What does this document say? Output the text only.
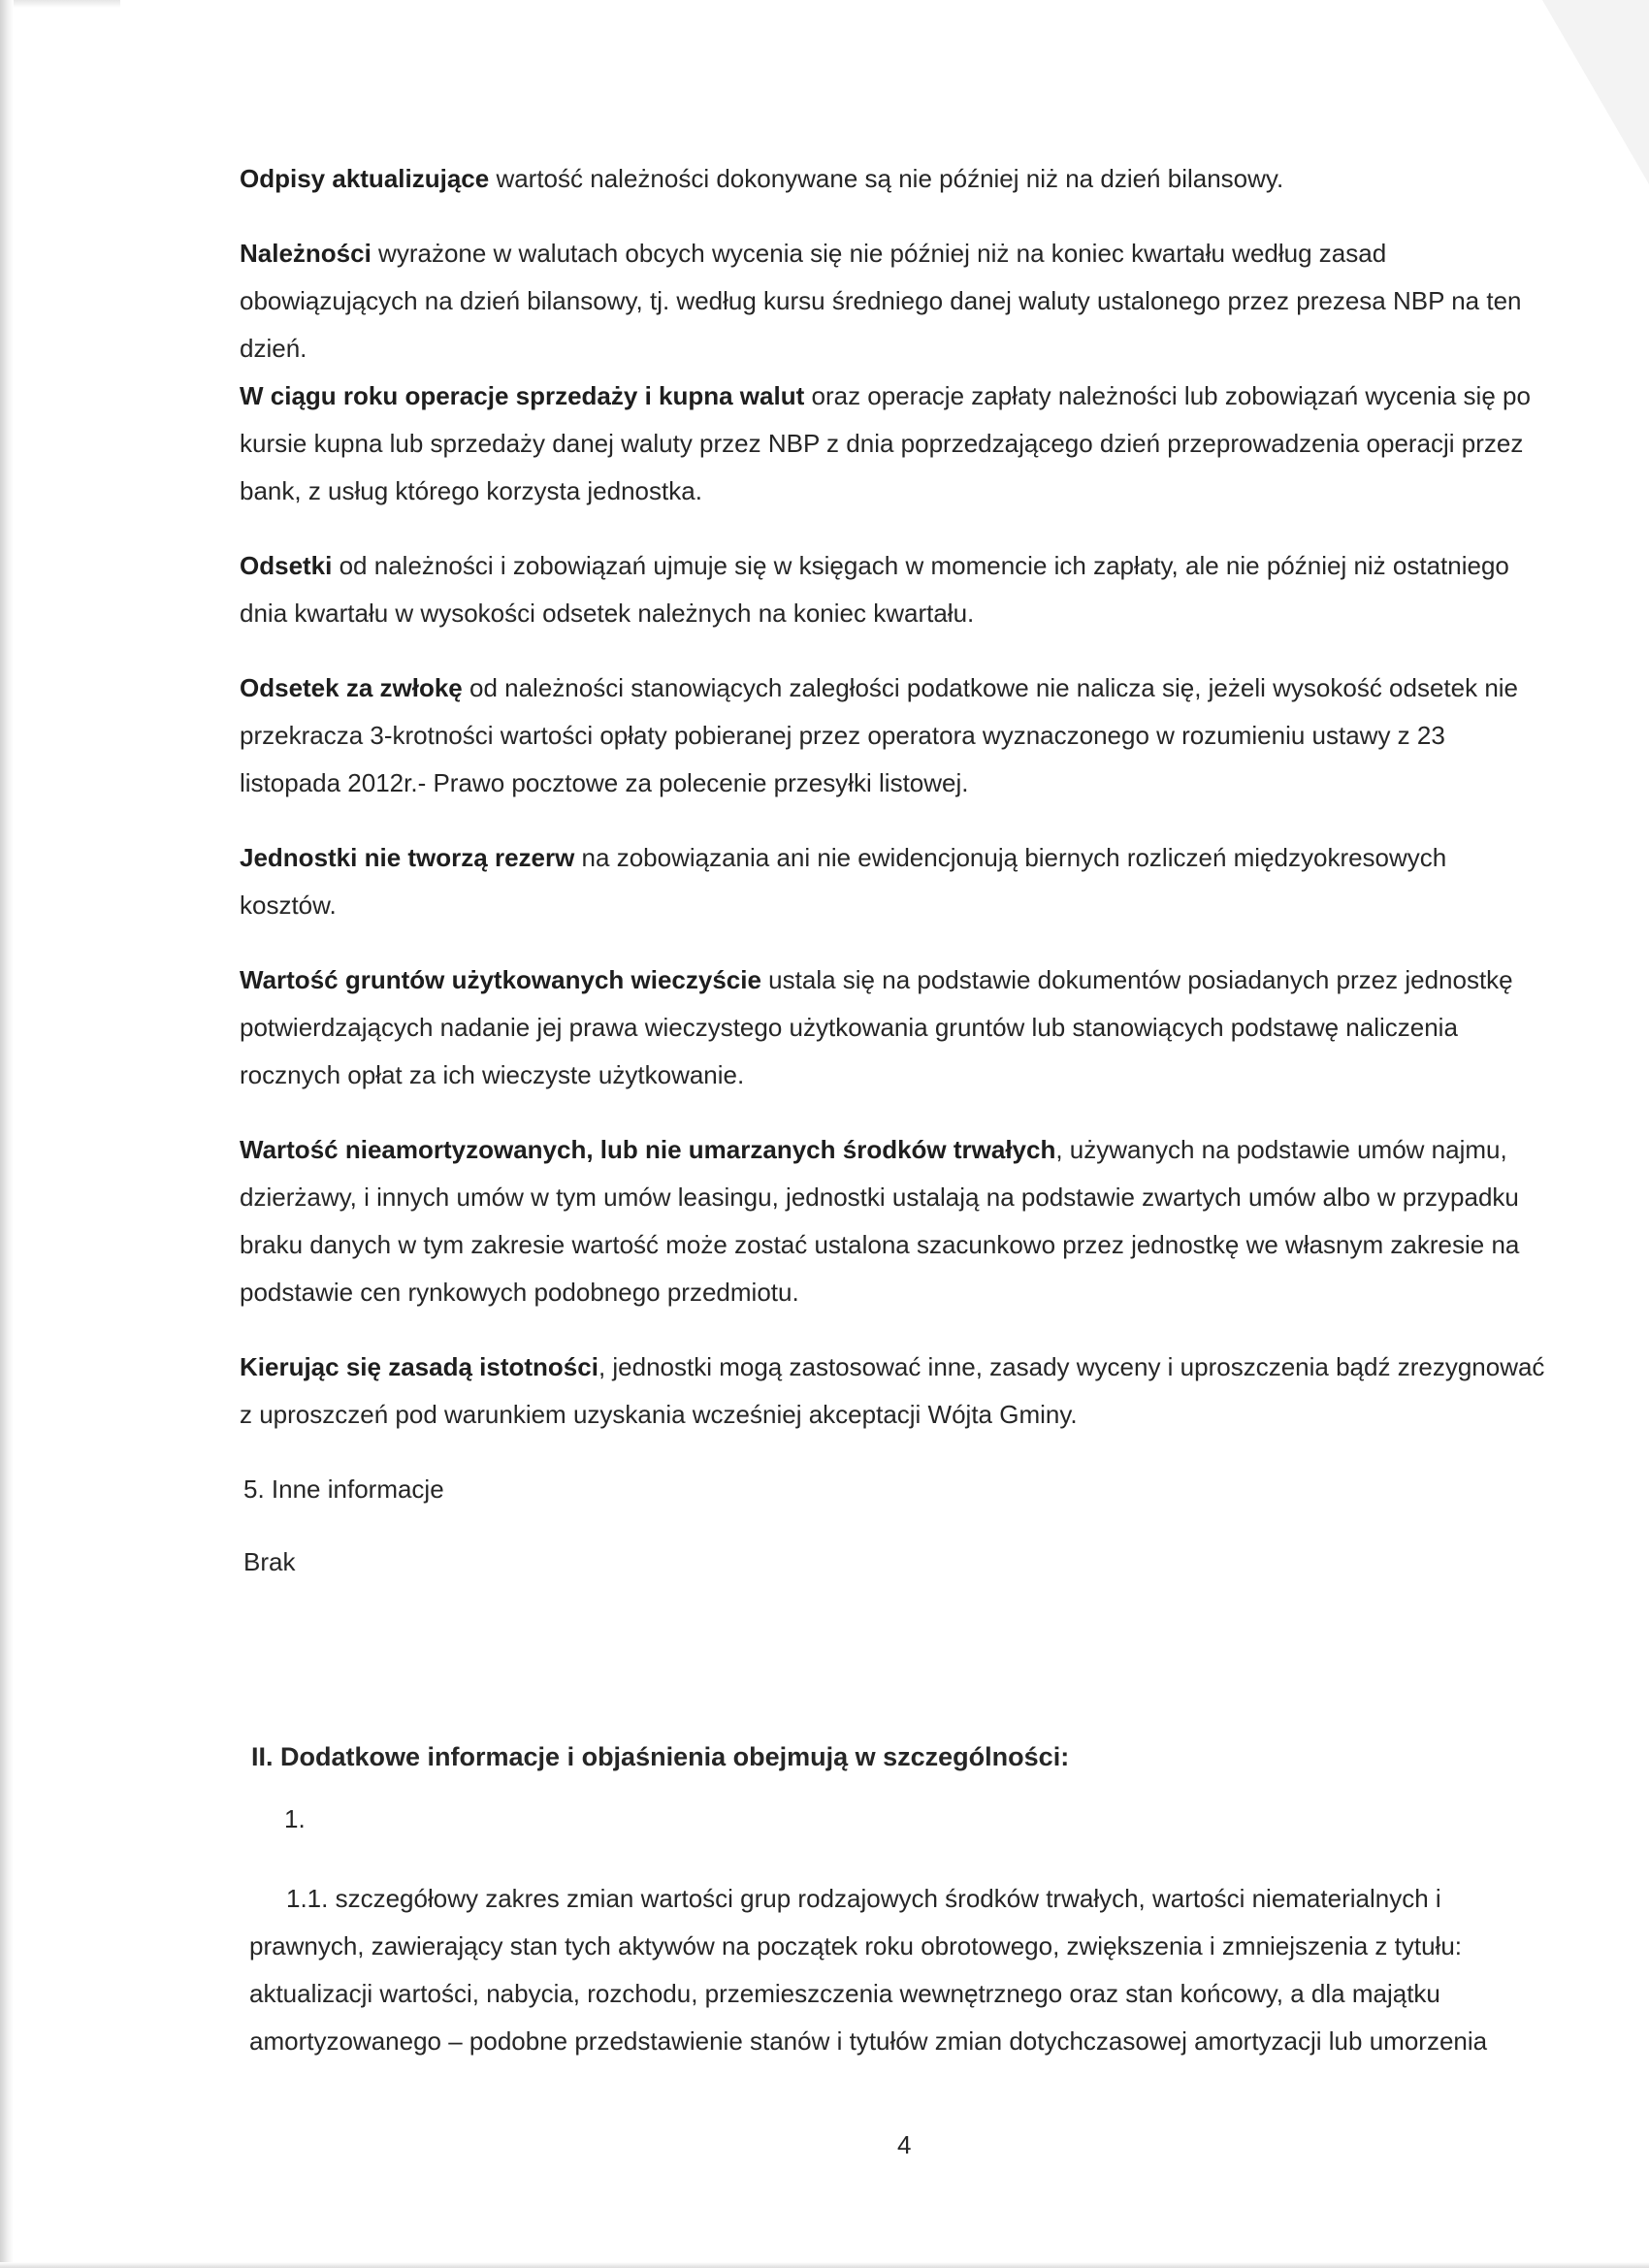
Odpisy aktualizujące wartość należności dokonywane są nie później niż na dzień bilansowy.

Należności wyrażone w walutach obcych wycenia się nie później niż na koniec kwartału według zasad obowiązujących na dzień bilansowy, tj. według kursu średniego danej waluty ustalonego przez prezesa NBP na ten dzień.

W ciągu roku operacje sprzedaży i kupna walut oraz operacje zapłaty należności lub zobowiązań wycenia się po kursie kupna lub sprzedaży danej waluty przez NBP z dnia poprzedzającego dzień przeprowadzenia operacji przez bank, z usług którego korzysta jednostka.

Odsetki od należności i zobowiązań ujmuje się w księgach w momencie ich zapłaty, ale nie później niż ostatniego dnia kwartału w wysokości odsetek należnych na koniec kwartału.

Odsetek za zwłokę od należności stanowiących zaległości podatkowe nie nalicza się, jeżeli wysokość odsetek nie przekracza 3-krotności wartości opłaty pobieranej przez operatora wyznaczonego w rozumieniu ustawy z 23 listopada 2012r.- Prawo pocztowe za polecenie przesyłki listowej.

Jednostki nie tworzą rezerw na zobowiązania ani nie ewidencjonują biernych rozliczeń międzyokresowych kosztów.

Wartość gruntów użytkowanych wieczyście ustala się na podstawie dokumentów posiadanych przez jednostkę potwierdzających nadanie jej prawa wieczystego użytkowania gruntów lub stanowiących podstawę naliczenia rocznych opłat za ich wieczyste użytkowanie.

Wartość nieamortyzowanych, lub nie umarzanych środków trwałych, używanych na podstawie umów najmu, dzierżawy, i innych umów w tym umów leasingu, jednostki ustalają na podstawie zwartych umów albo w przypadku braku danych w tym zakresie wartość może zostać ustalona szacunkowo przez jednostkę we własnym zakresie na podstawie cen rynkowych podobnego przedmiotu.

Kierując się zasadą istotności, jednostki mogą zastosować inne, zasady wyceny i uproszczenia bądź zrezygnować z uproszczeń pod warunkiem uzyskania wcześniej akceptacji Wójta Gminy.

5. Inne informacje

Brak

II. Dodatkowe informacje i objaśnienia obejmują w szczególności:

1.

1.1. szczegółowy zakres zmian wartości grup rodzajowych środków trwałych, wartości niematerialnych i prawnych, zawierający stan tych aktywów na początek roku obrotowego, zwiększenia i zmniejszenia z tytułu: aktualizacji wartości, nabycia, rozchodu, przemieszczenia wewnętrznego oraz stan końcowy, a dla majątku amortyzowanego – podobne przedstawienie stanów i tytułów zmian dotychczasowej amortyzacji lub umorzenia

4
